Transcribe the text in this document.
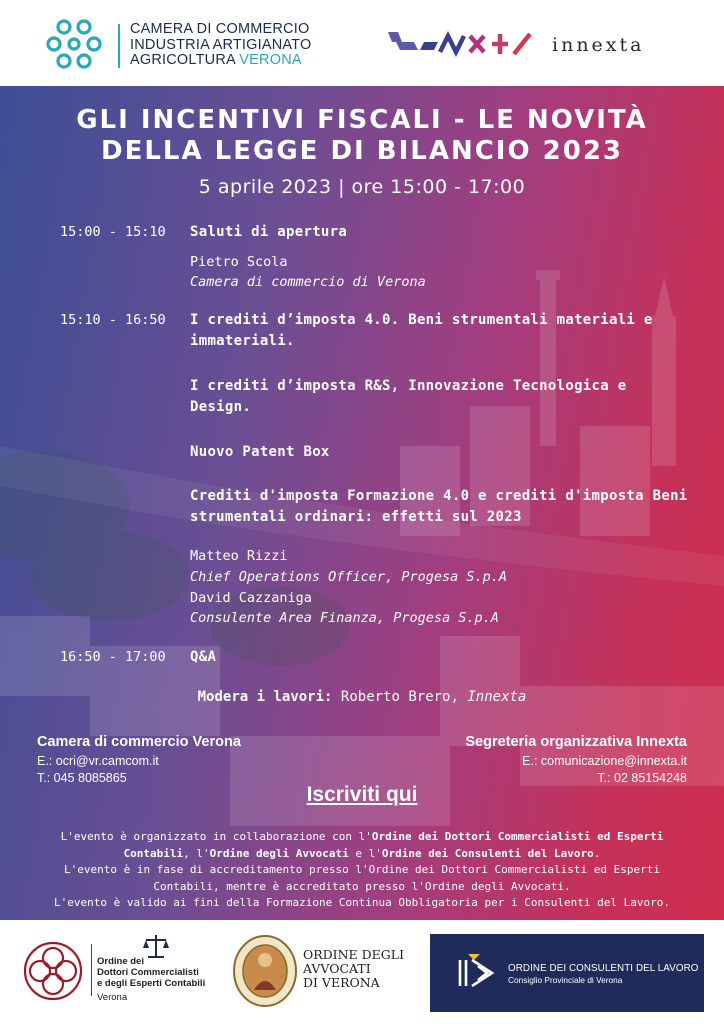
CAMERA DI COMMERCIO
INDUSTRIA ARTIGIANATO
AGRICOLTURA VERONA
innexta
GLI INCENTIVI FISCALI - LE NOVITÀ
DELLA LEGGE DI BILANCIO 2023
5 aprile 2023 | ore 15:00 - 17:00
15:00 - 15:10 Saluti di apertura
Pietro Scola
Camera di commercio di Verona
15:10 - 16:50 I crediti d’imposta 4.0. Beni strumentali materiali e immateriali.
I crediti d’imposta R&S, Innovazione Tecnologica e Design.
Nuovo Patent Box
Crediti d'imposta Formazione 4.0 e crediti d'imposta Beni strumentali ordinari: effetti sul 2023
Matteo Rizzi
Chief Operations Officer, Progesa S.p.A
David Cazzaniga
Consulente Area Finanza, Progesa S.p.A
16:50 - 17:00 Q&A
Modera i lavori: Roberto Brero, Innexta
Camera di commercio Verona
E.: ocri@vr.camcom.it
T.: 045 8085865
Segreteria organizzativa Innexta
E.: comunicazione@innexta.it
T.: 02 85154248
Iscriviti qui
L'evento è organizzato in collaborazione con l'Ordine dei Dottori Commercialisti ed Esperti Contabili, l'Ordine degli Avvocati e l'Ordine dei Consulenti del Lavoro.
L'evento è in fase di accreditamento presso l'Ordine dei Dottori Commercialisti ed Esperti Contabili, mentre è accreditato presso l'Ordine degli Avvocati.
L'evento è valido ai fini della Formazione Continua Obbligatoria per i Consulenti del Lavoro.
Ordine dei
Dottori Commercialisti
e degli Esperti Contabili
Verona
ORDINE DEGLI
AVVOCATI
DI VERONA
ORDINE DEI CONSULENTI DEL LAVORO
Consiglio Provinciale di Verona
